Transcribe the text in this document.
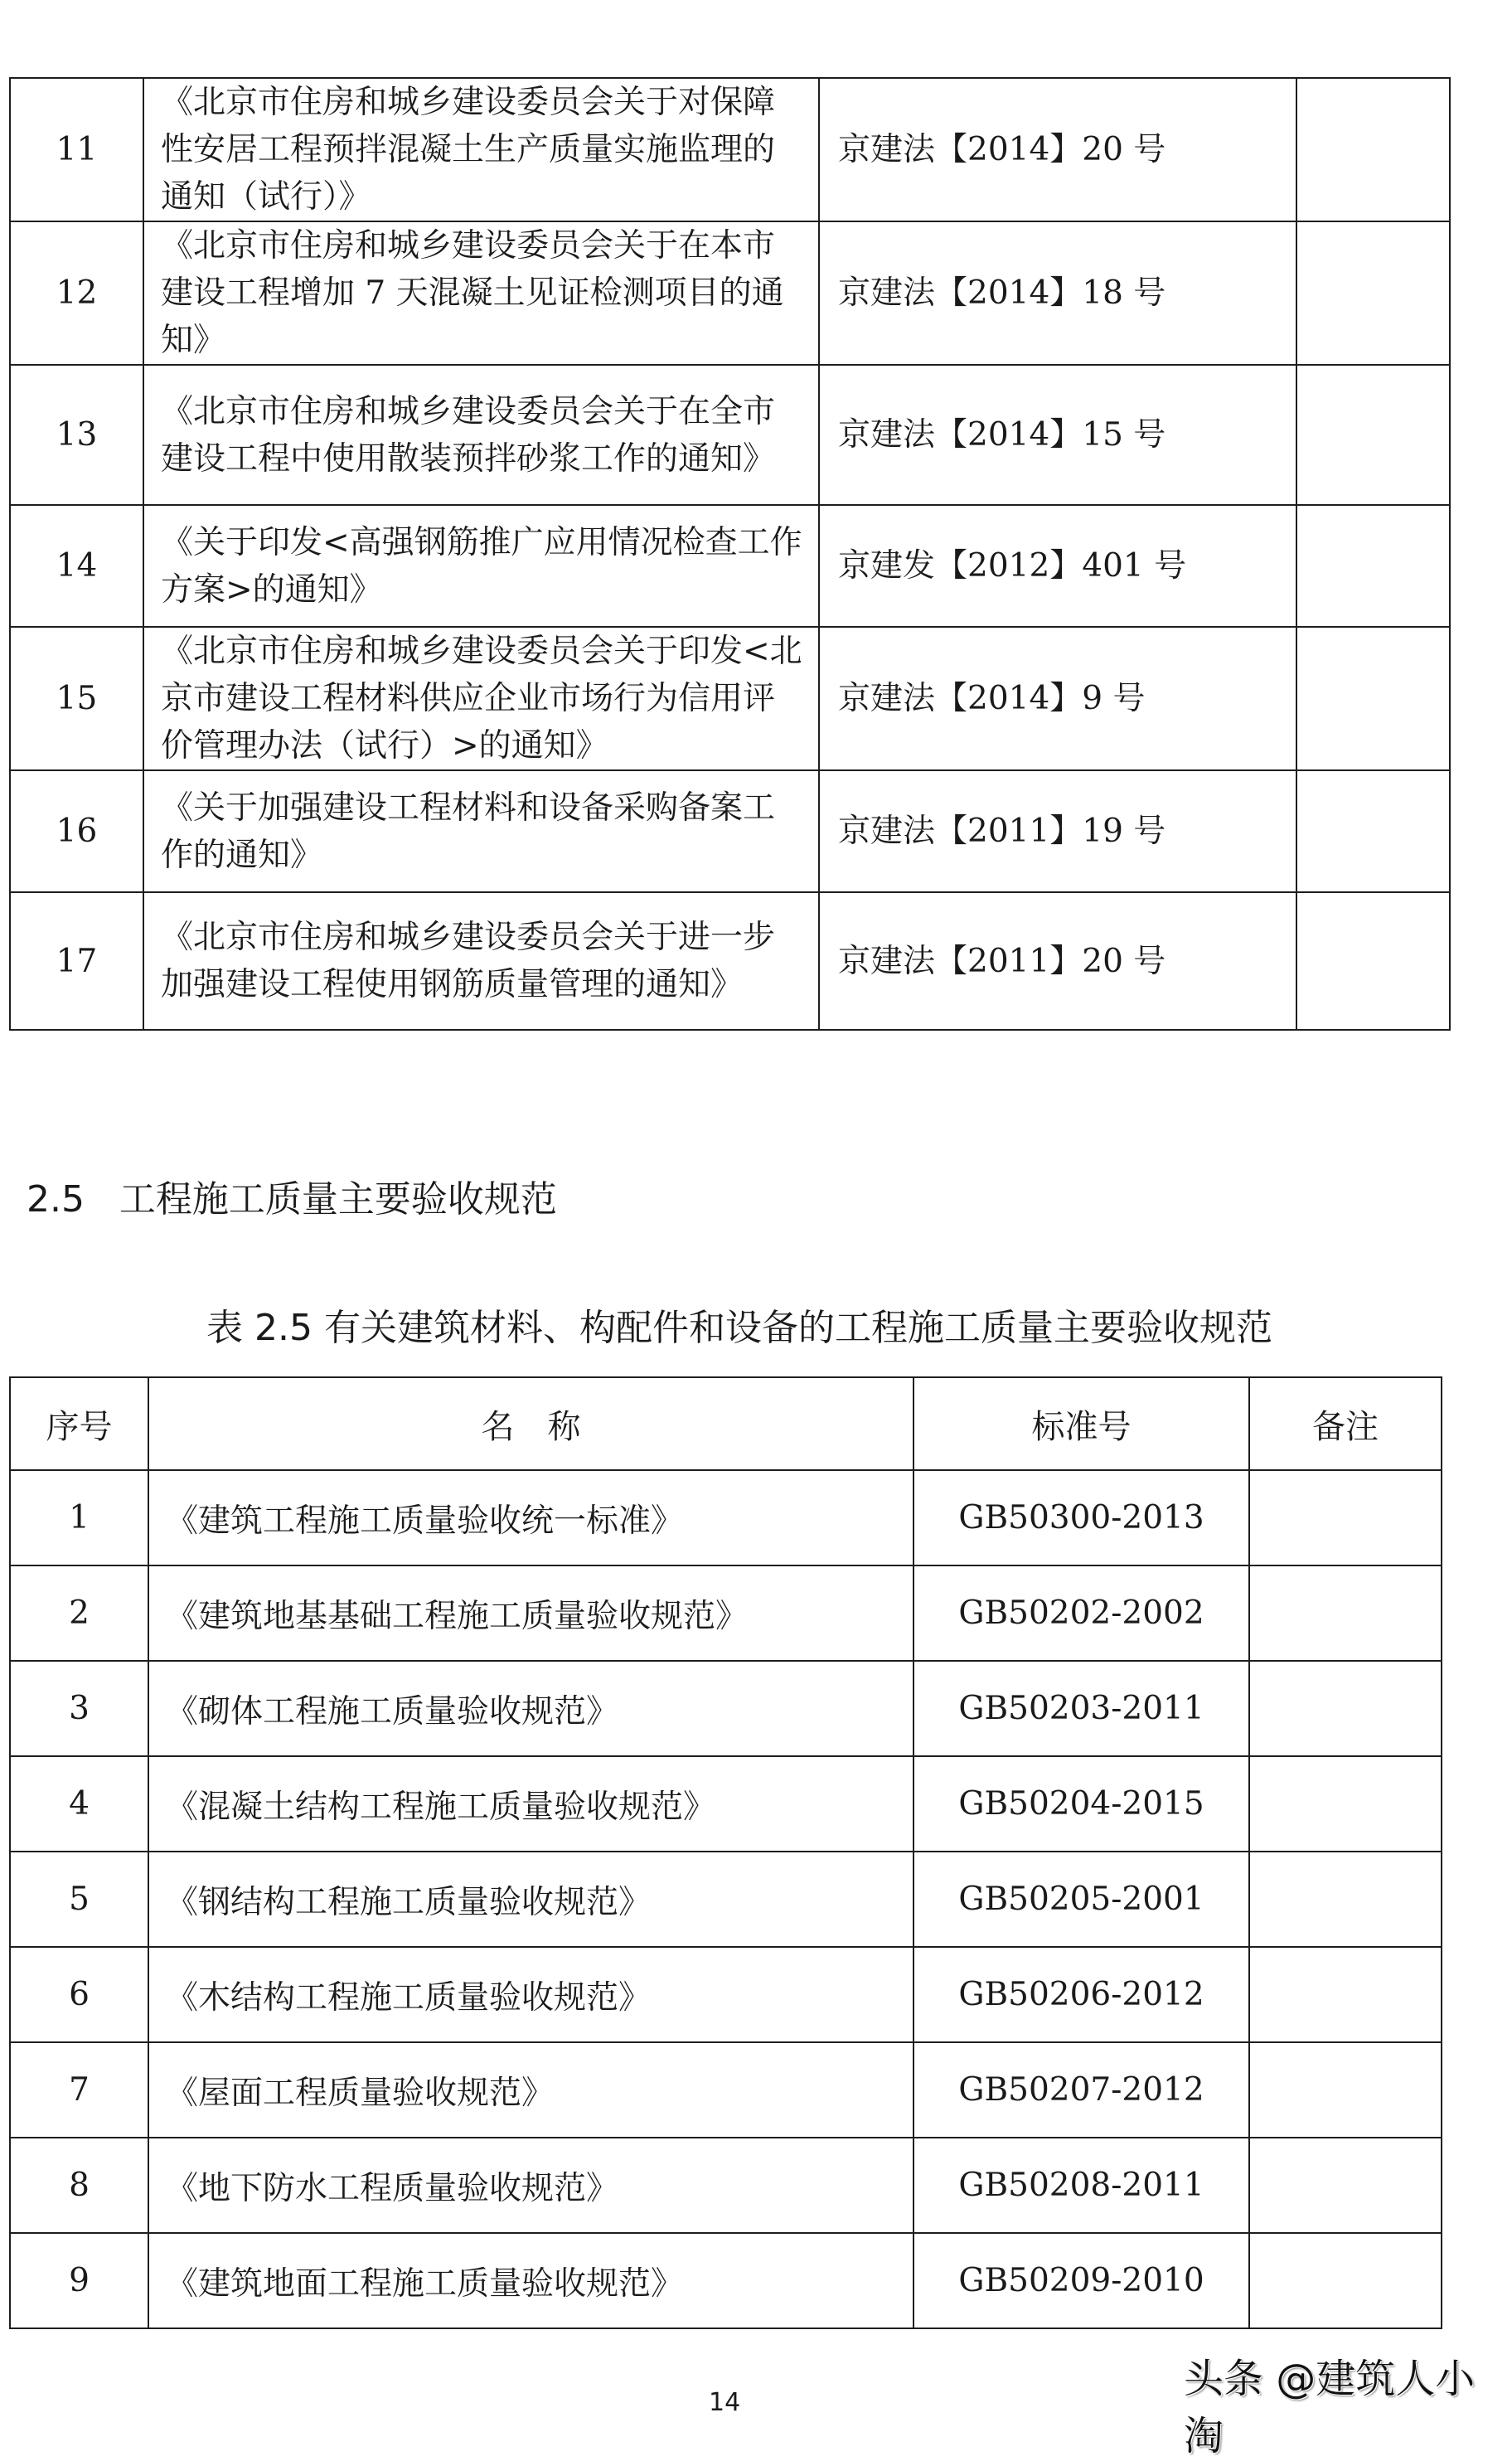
11	《北京市住房和城乡建设委员会关于对保障性安居工程预拌混凝土生产质量实施监理的通知（试行）》	京建法【2014】20 号	
12	《北京市住房和城乡建设委员会关于在本市建设工程增加 7 天混凝土见证检测项目的通知》	京建法【2014】18 号	
13	《北京市住房和城乡建设委员会关于在全市建设工程中使用散装预拌砂浆工作的通知》	京建法【2014】15 号	
14	《关于印发<高强钢筋推广应用情况检查工作方案>的通知》	京建发【2012】401 号	
15	《北京市住房和城乡建设委员会关于印发<北京市建设工程材料供应企业市场行为信用评价管理办法（试行）>的通知》	京建法【2014】9 号	
16	《关于加强建设工程材料和设备采购备案工作的通知》	京建法【2011】19 号	
17	《北京市住房和城乡建设委员会关于进一步加强建设工程使用钢筋质量管理的通知》	京建法【2011】20 号	
2.5   工程施工质量主要验收规范
表 2.5 有关建筑材料、构配件和设备的工程施工质量主要验收规范
序号	名　称	标准号	备注
1	《建筑工程施工质量验收统一标准》	GB50300-2013	
2	《建筑地基基础工程施工质量验收规范》	GB50202-2002	
3	《砌体工程施工质量验收规范》	GB50203-2011	
4	《混凝土结构工程施工质量验收规范》	GB50204-2015	
5	《钢结构工程施工质量验收规范》	GB50205-2001	
6	《木结构工程施工质量验收规范》	GB50206-2012	
7	《屋面工程质量验收规范》	GB50207-2012	
8	《地下防水工程质量验收规范》	GB50208-2011	
9	《建筑地面工程施工质量验收规范》	GB50209-2010	
14
头条 @建筑人小淘
